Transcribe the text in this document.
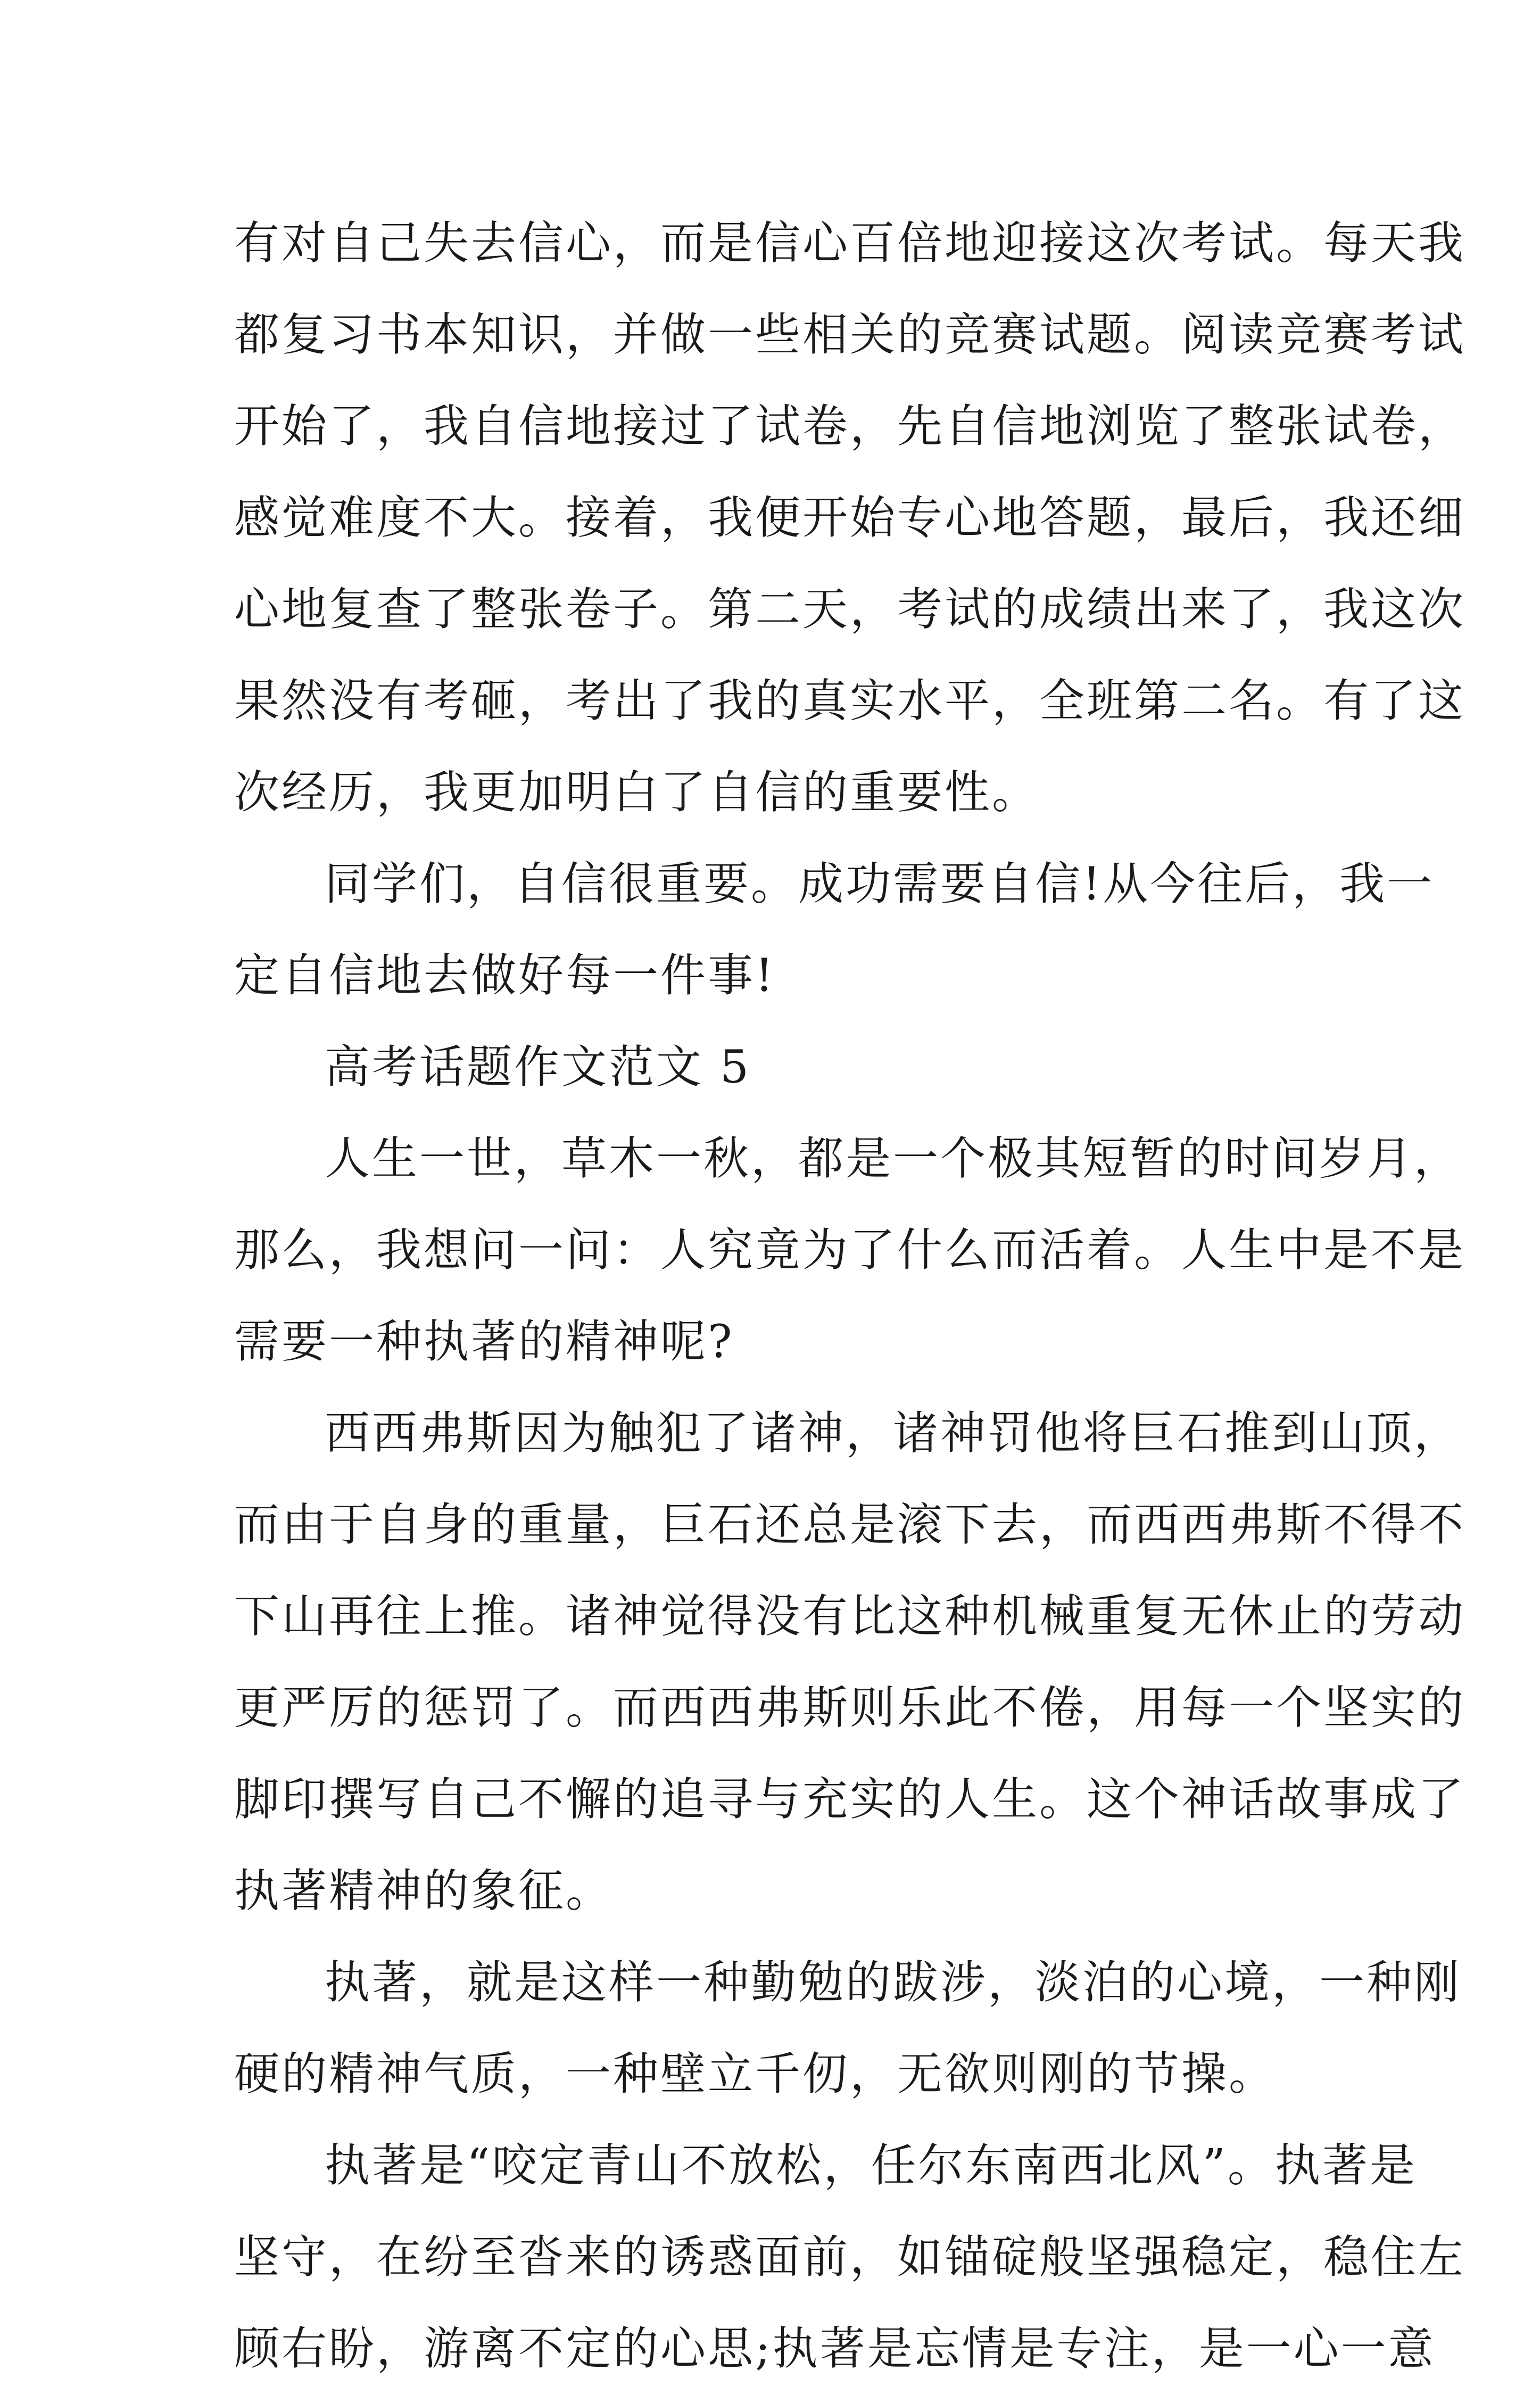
有对自己失去信心，而是信心百倍地迎接这次考试。每天我
都复习书本知识，并做一些相关的竞赛试题。阅读竞赛考试
开始了，我自信地接过了试卷，先自信地浏览了整张试卷，
感觉难度不大。接着，我便开始专心地答题，最后，我还细
心地复查了整张卷子。第二天，考试的成绩出来了，我这次
果然没有考砸，考出了我的真实水平，全班第二名。有了这
次经历，我更加明白了自信的重要性。
同学们，自信很重要。成功需要自信!从今往后，我一
定自信地去做好每一件事!
高考话题作文范文 5
人生一世，草木一秋，都是一个极其短暂的时间岁月，
那么，我想问一问：人究竟为了什么而活着。人生中是不是
需要一种执著的精神呢?
西西弗斯因为触犯了诸神，诸神罚他将巨石推到山顶，
而由于自身的重量，巨石还总是滚下去，而西西弗斯不得不
下山再往上推。诸神觉得没有比这种机械重复无休止的劳动
更严厉的惩罚了。而西西弗斯则乐此不倦，用每一个坚实的
脚印撰写自己不懈的追寻与充实的人生。这个神话故事成了
执著精神的象征。
执著，就是这样一种勤勉的跋涉，淡泊的心境，一种刚
硬的精神气质，一种壁立千仞，无欲则刚的节操。
执著是“咬定青山不放松，任尔东南西北风”。执著是
坚守，在纷至沓来的诱惑面前，如锚碇般坚强稳定，稳住左
顾右盼，游离不定的心思;执著是忘情是专注，是一心一意
